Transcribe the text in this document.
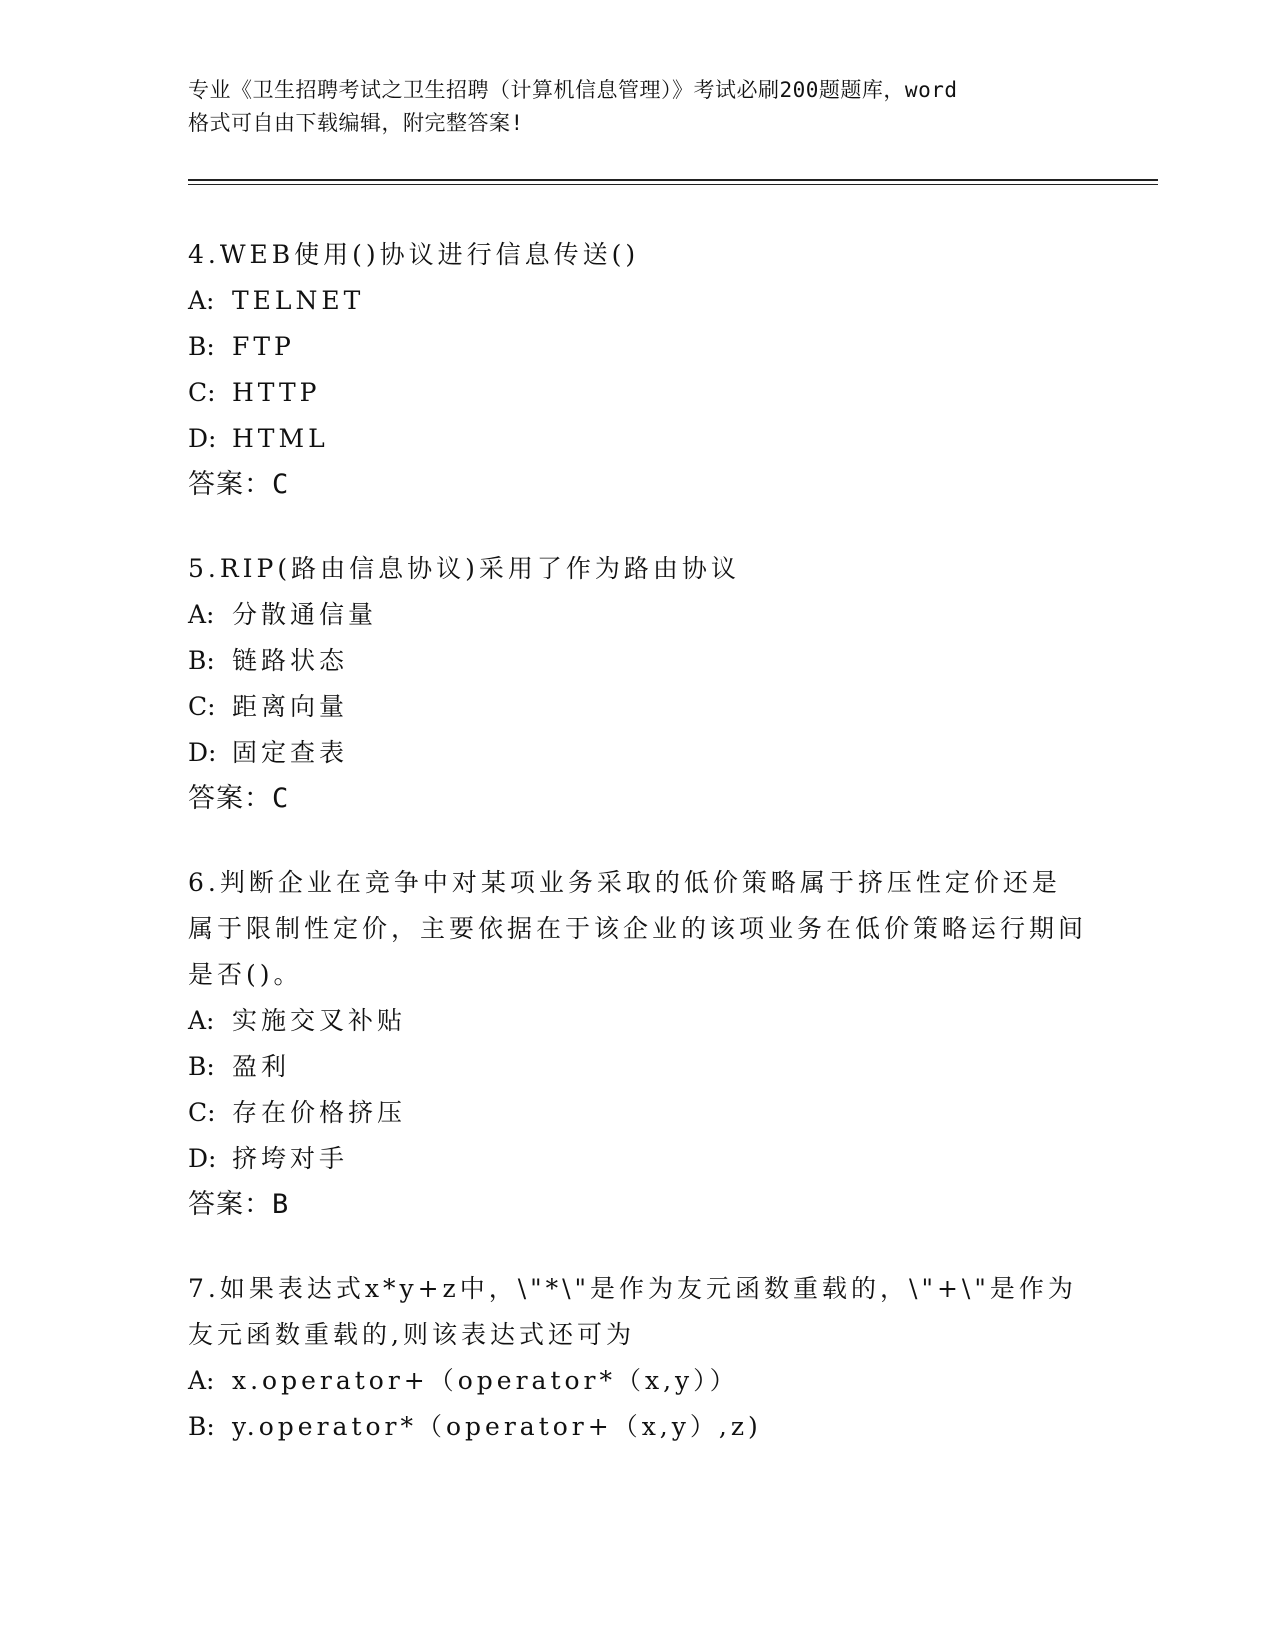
专业《卫生招聘考试之卫生招聘（计算机信息管理）》考试必刷200题题库，word
格式可自由下载编辑，附完整答案!
4.WEB使用()协议进行信息传送()
A: TELNET
B: FTP
C: HTTP
D: HTML
答案：C
5.RIP(路由信息协议)采用了作为路由协议
A: 分散通信量
B: 链路状态
C: 距离向量
D: 固定查表
答案：C
6.判断企业在竞争中对某项业务采取的低价策略属于挤压性定价还是属于限制性定价，主要依据在于该企业的该项业务在低价策略运行期间是否()。
A: 实施交叉补贴
B: 盈利
C: 存在价格挤压
D: 挤垮对手
答案：B
7.如果表达式x*y+z中，\"*\"是作为友元函数重载的，\"+\"是作为友元函数重载的,则该表达式还可为
A: x.operator+（operator*（x,y））
B: y.operator*（operator+（x,y）,z)
